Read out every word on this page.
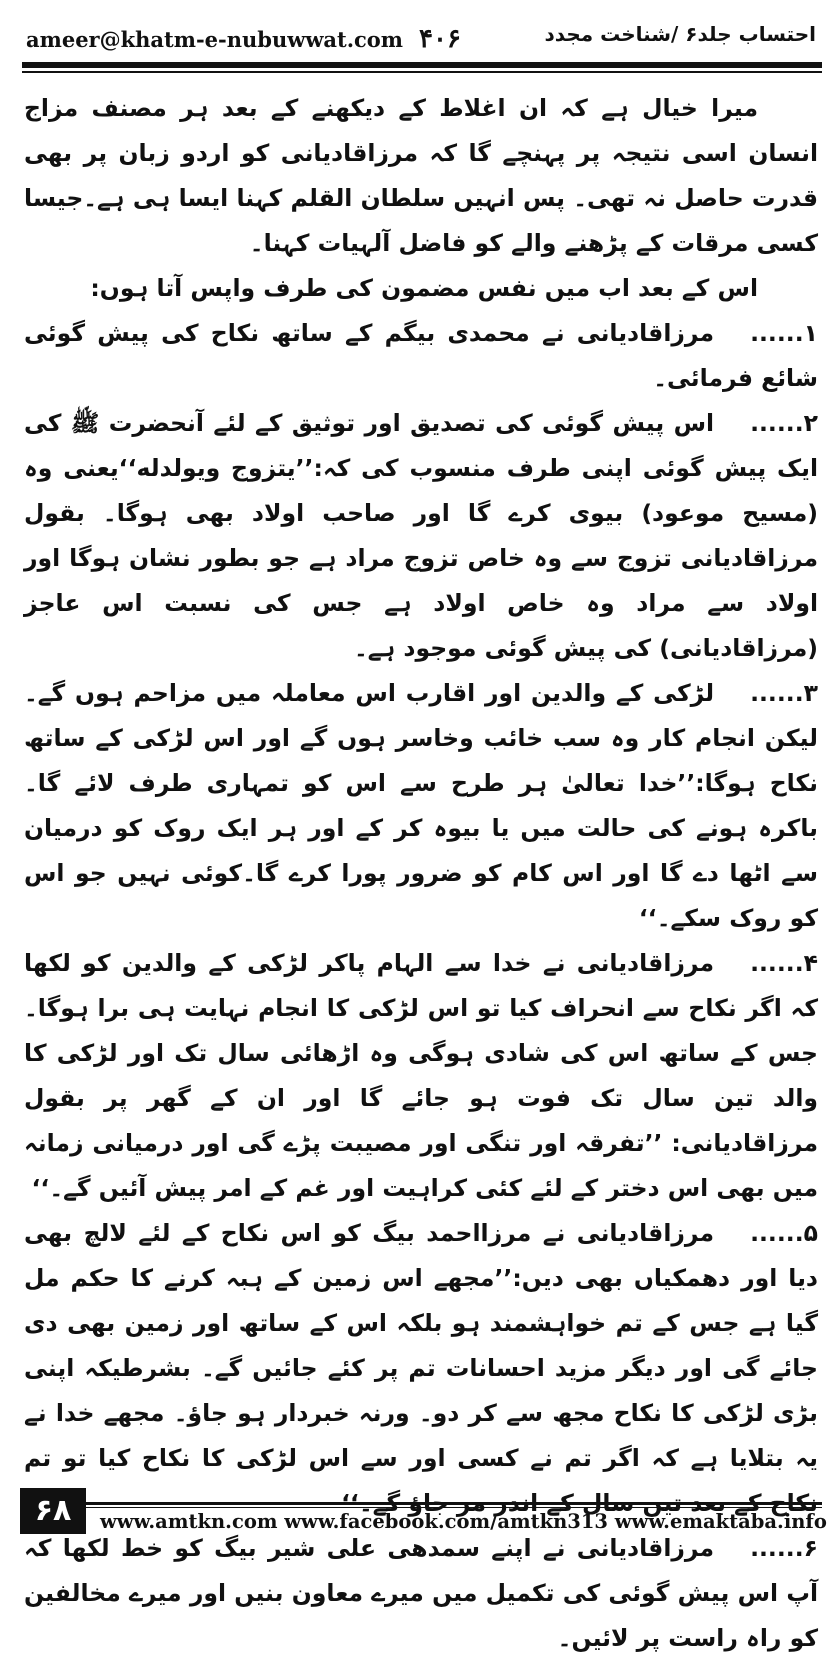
ameer@khatm-e-nubuwwat.com ۴۰۶	احتساب جلد۶ /شناخت مجدد

میرا خیال ہے کہ ان اغلاط کے دیکھنے کے بعد ہر مصنف مزاج انسان اسی نتیجہ پر پہنچے گا کہ مرزاقادیانی کو اردو زبان پر بھی قدرت حاصل نہ تھی۔ پس انہیں سلطان القلم کہنا ایسا ہی ہے۔جیسا کسی مرقات کے پڑھنے والے کو فاضل آلہیات کہنا۔

اس کے بعد اب میں نفس مضمون کی طرف واپس آتا ہوں:

۱......مرزاقادیانی نے محمدی بیگم کے ساتھ نکاح کی پیش گوئی شائع فرمائی۔

۲......اس پیش گوئی کی تصدیق اور توثیق کے لئے آنحضرت ﷺ کی ایک پیش گوئی اپنی طرف منسوب کی کہ:’’یتزوج ویولدله‘‘یعنی وہ (مسیح موعود) بیوی کرے گا اور صاحب اولاد بھی ہوگا۔ بقول مرزاقادیانی تزوج سے وہ خاص تزوج مراد ہے جو بطور نشان ہوگا اور اولاد سے مراد وہ خاص اولاد ہے جس کی نسبت اس عاجز (مرزاقادیانی) کی پیش گوئی موجود ہے۔

۳......لڑکی کے والدین اور اقارب اس معاملہ میں مزاحم ہوں گے۔لیکن انجام کار وہ سب خائب وخاسر ہوں گے اور اس لڑکی کے ساتھ نکاح ہوگا:’’خدا تعالیٰ ہر طرح سے اس کو تمہاری طرف لائے گا۔ باکرہ ہونے کی حالت میں یا بیوہ کر کے اور ہر ایک روک کو درمیان سے اٹھا دے گا اور اس کام کو ضرور پورا کرے گا۔کوئی نہیں جو اس کو روک سکے۔‘‘

۴......مرزاقادیانی نے خدا سے الہام پاکر لڑکی کے والدین کو لکھا کہ اگر نکاح سے انحراف کیا تو اس لڑکی کا انجام نہایت ہی برا ہوگا۔ جس کے ساتھ اس کی شادی ہوگی وہ اڑھائی سال تک اور لڑکی کا والد تین سال تک فوت ہو جائے گا اور ان کے گھر پر بقول مرزاقادیانی: ’’تفرقہ اور تنگی اور مصیبت پڑے گی اور درمیانی زمانہ میں بھی اس دختر کے لئے کئی کراہیت اور غم کے امر پیش آئیں گے۔‘‘

۵......مرزاقادیانی نے مرزااحمد بیگ کو اس نکاح کے لئے لالچ بھی دیا اور دھمکیاں بھی دیں:’’مجھے اس زمین کے ہبہ کرنے کا حکم مل گیا ہے جس کے تم خواہشمند ہو بلکہ اس کے ساتھ اور زمین بھی دی جائے گی اور دیگر مزید احسانات تم پر کئے جائیں گے۔ بشرطیکہ اپنی بڑی لڑکی کا نکاح مجھ سے کر دو۔ ورنہ خبردار ہو جاؤ۔ مجھے خدا نے یہ بتلایا ہے کہ اگر تم نے کسی اور سے اس لڑکی کا نکاح کیا تو تم

۶......مرزاقادیانی نے اپنے سمدھی علی شیر بیگ کو خط لکھا کہ آپ اس پیش گوئی کی تکمیل میں میرے معاون بنیں اور میرے مخالفین کو راہ راست پر لائیں۔

۶۸	www.amtkn.com www.facebook.com/amtkn313 www.emaktaba.info
